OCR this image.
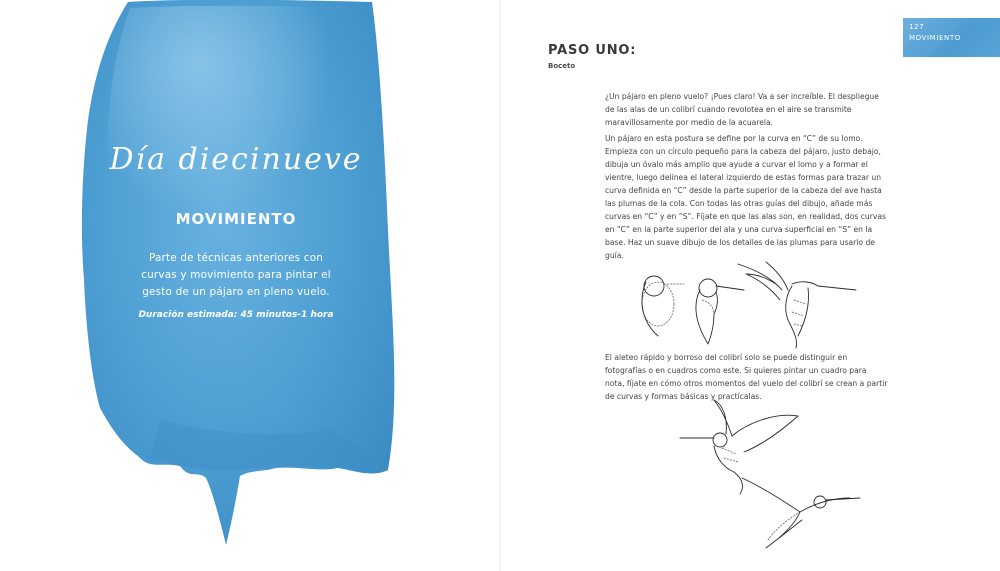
Día diecinueve
MOVIMIENTO
Parte de técnicas anteriores con curvas y movimiento para pintar el gesto de un pájaro en pleno vuelo.
Duración estimada: 45 minutos-1 hora
127
MOVIMIENTO
PASO UNO:
Boceto

¿Un pájaro en pleno vuelo? ¡Pues claro! Va a ser increíble. El despliegue de las alas de un colibrí cuando revolotea en el aire se transmite maravillosamente por medio de la acuarela.

Un pájaro en esta postura se define por la curva en “C” de su lomo. Empieza con un círculo pequeño para la cabeza del pájaro, justo debajo, dibuja un óvalo más amplio que ayude a curvar el lomo y a formar el vientre, luego delinea el lateral izquierdo de estas formas para trazar un curva definida en “C” desde la parte superior de la cabeza del ave hasta las plumas de la cola. Con todas las otras guías del dibujo, añade más curvas en “C” y en “S”. Fíjate en que las alas son, en realidad, dos curvas en “C” en la parte superior del ala y una curva superficial en “S” en la base. Haz un suave dibujo de los detalles de las plumas para usarlo de guía.

El aleteo rápido y borroso del colibrí solo se puede distinguir en fotografías o en cuadros como este. Si quieres pintar un cuadro para nota, fíjate en cómo otros momentos del vuelo del colibrí se crean a partir de curvas y formas básicas y practícalas.
